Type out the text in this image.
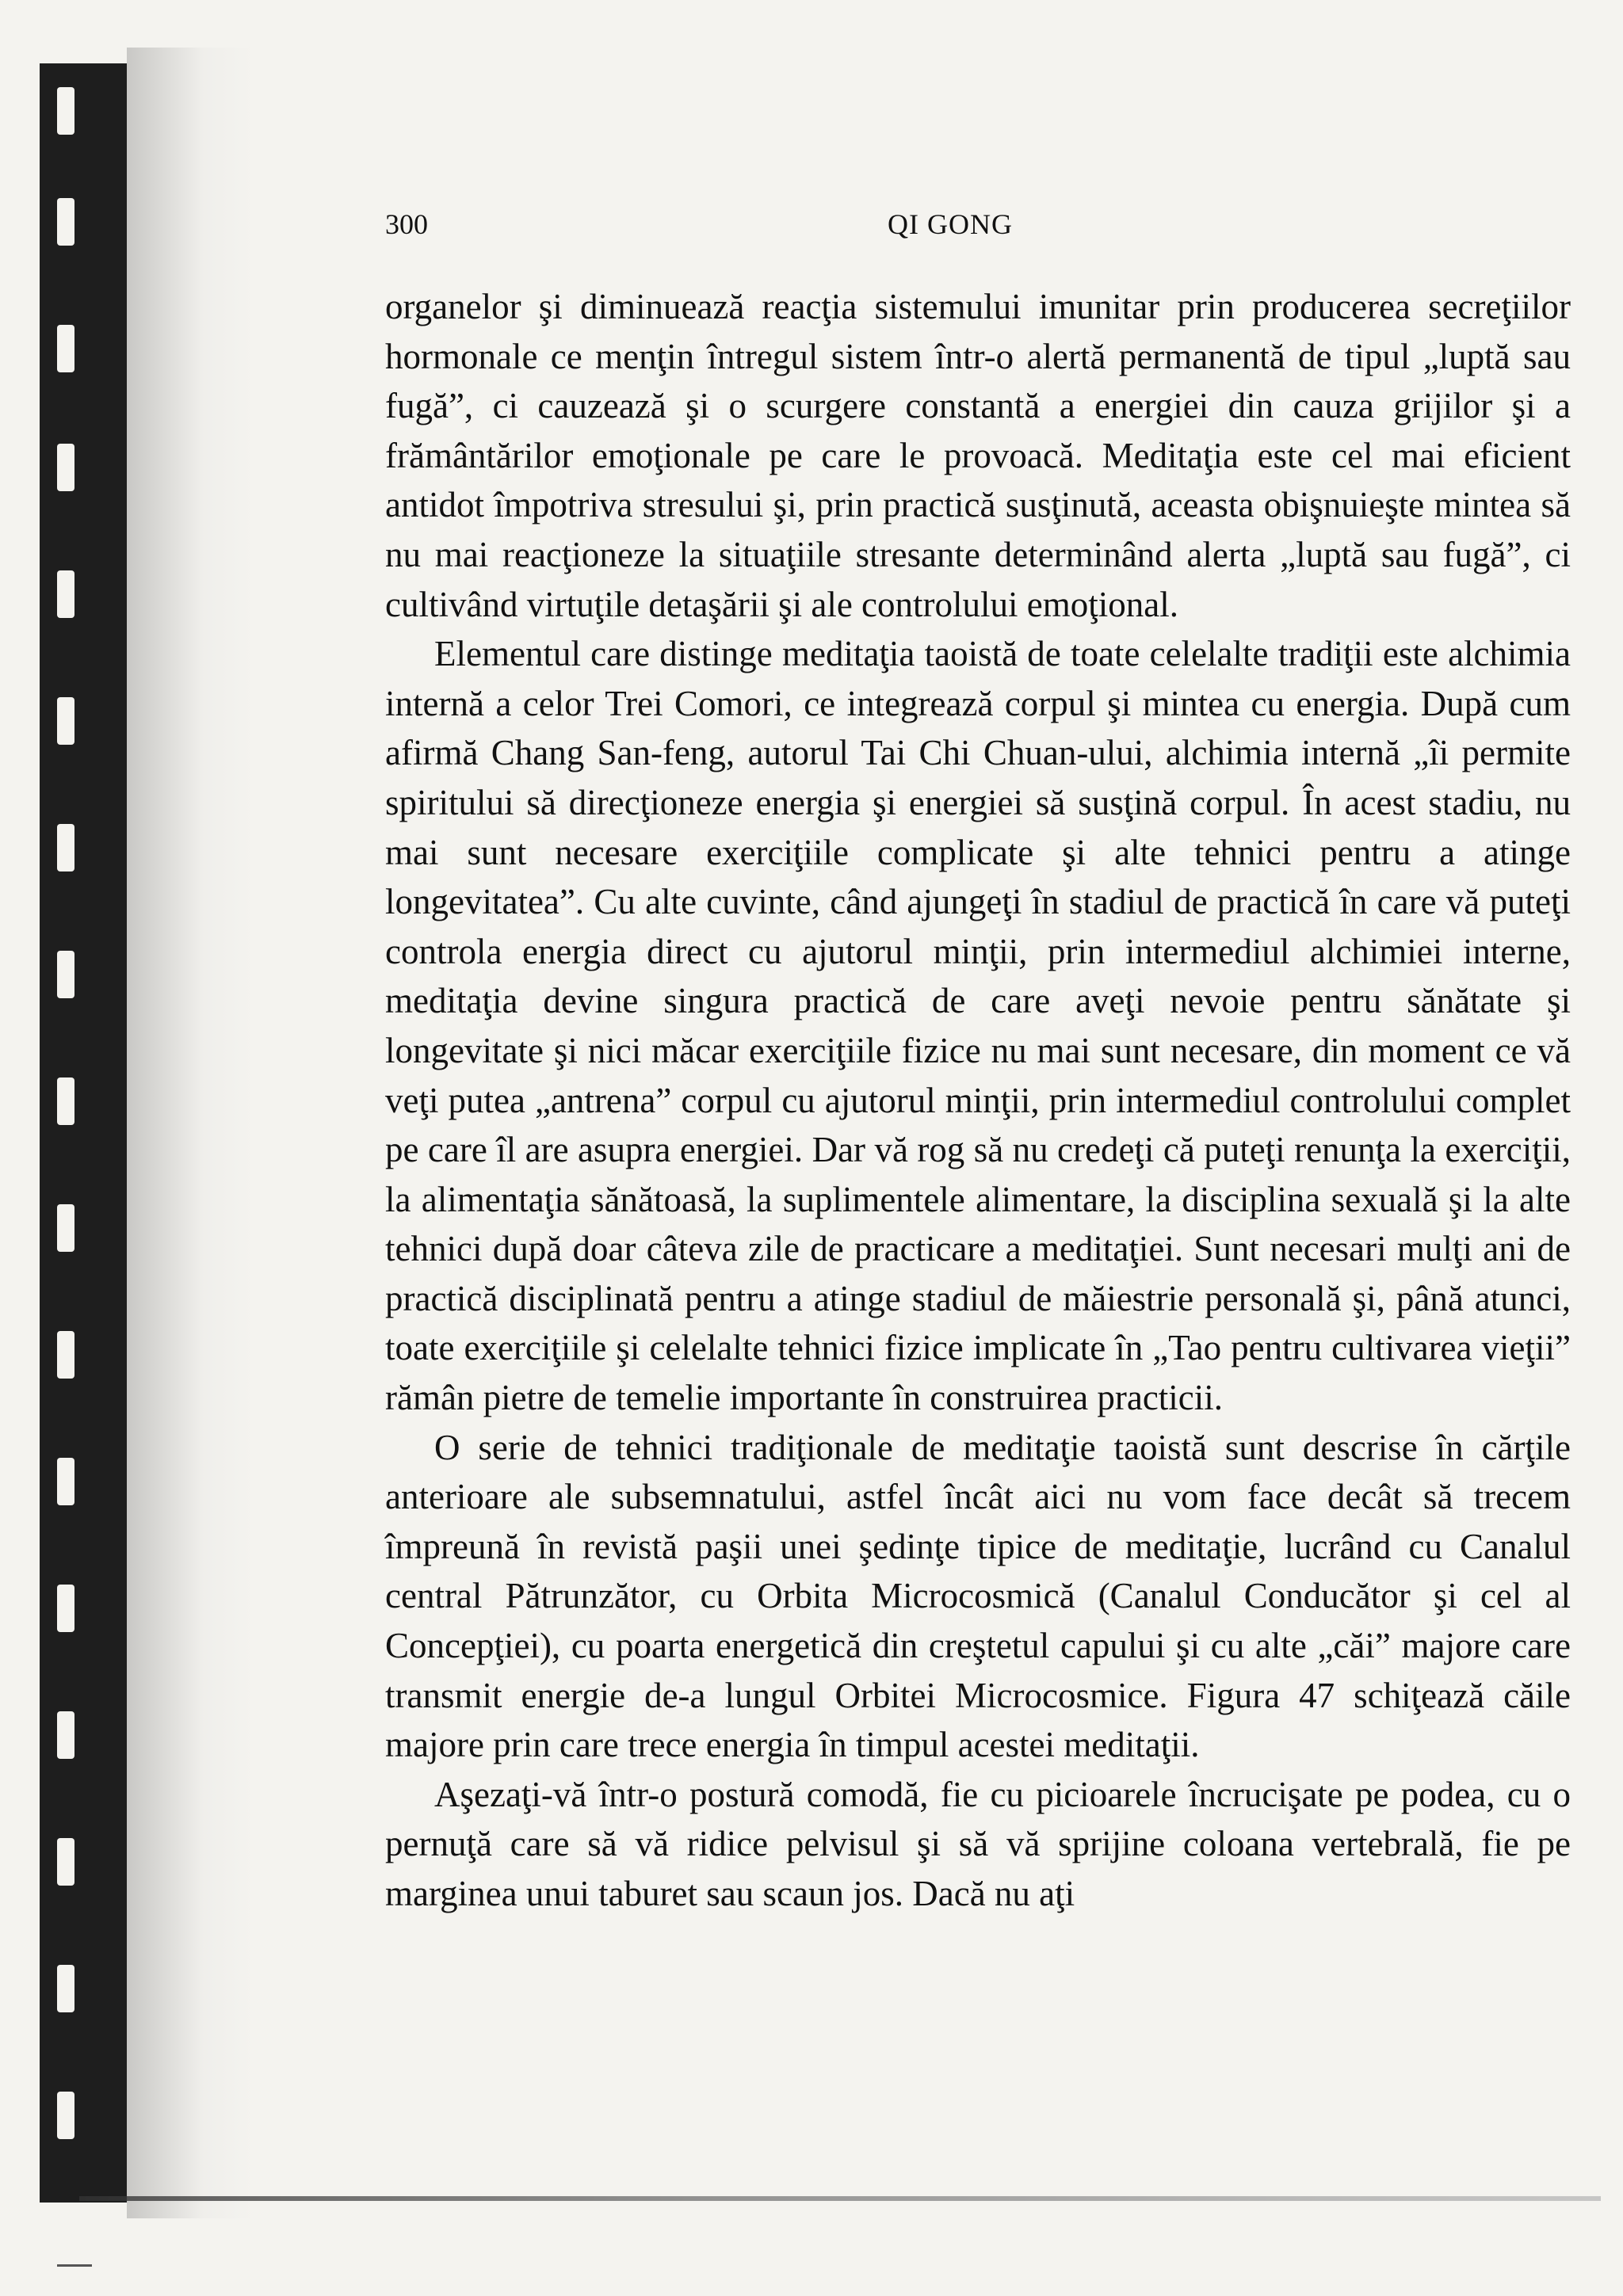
300	QI GONG

organelor şi diminuează reacţia sistemului imunitar prin producerea secreţiilor hormonale ce menţin întregul sistem într-o alertă permanentă de tipul „luptă sau fugă”, ci cauzează şi o scurgere constantă a energiei din cauza grijilor şi a frământărilor emoţionale pe care le provoacă. Meditaţia este cel mai eficient antidot împotriva stresului şi, prin practică susţinută, aceasta obişnuieşte mintea să nu mai reacţioneze la situaţiile stresante determinând alerta „luptă sau fugă”, ci cultivând virtuţile detaşării şi ale controlului emoţional.

Elementul care distinge meditaţia taoistă de toate celelalte tradiţii este alchimia internă a celor Trei Comori, ce integrează corpul şi mintea cu energia. După cum afirmă Chang San-feng, autorul Tai Chi Chuan-ului, alchimia internă „îi permite spiritului să direcţioneze energia şi energiei să susţină corpul. În acest stadiu, nu mai sunt necesare exerciţiile complicate şi alte tehnici pentru a atinge longevitatea”. Cu alte cuvinte, când ajungeţi în stadiul de practică în care vă puteţi controla energia direct cu ajutorul minţii, prin intermediul alchimiei interne, meditaţia devine singura practică de care aveţi nevoie pentru sănătate şi longevitate şi nici măcar exerciţiile fizice nu mai sunt necesare, din moment ce vă veţi putea „antrena” corpul cu ajutorul minţii, prin intermediul controlului complet pe care îl are asupra energiei. Dar vă rog să nu credeţi că puteţi renunţa la exerciţii, la alimentaţia sănătoasă, la suplimentele alimentare, la disciplina sexuală şi la alte tehnici după doar câteva zile de practicare a meditaţiei. Sunt necesari mulţi ani de practică disciplinată pentru a atinge stadiul de măiestrie personală şi, până atunci, toate exerciţiile şi celelalte tehnici fizice implicate în „Tao pentru cultivarea vieţii” rămân pietre de temelie importante în construirea practicii.

O serie de tehnici tradiţionale de meditaţie taoistă sunt descrise în cărţile anterioare ale subsemnatului, astfel încât aici nu vom face decât să trecem împreună în revistă paşii unei şedinţe tipice de meditaţie, lucrând cu Canalul central Pătrunzător, cu Orbita Microcosmică (Canalul Conducător şi cel al Concepţiei), cu poarta energetică din creştetul capului şi cu alte „căi” majore care transmit energie de-a lungul Orbitei Microcosmice. Figura 47 schiţează căile majore prin care trece energia în timpul acestei meditaţii.

Aşezaţi-vă într-o postură comodă, fie cu picioarele încrucişate pe podea, cu o pernuţă care să vă ridice pelvisul şi să vă sprijine coloana vertebrală, fie pe marginea unui taburet sau scaun jos. Dacă nu aţi
